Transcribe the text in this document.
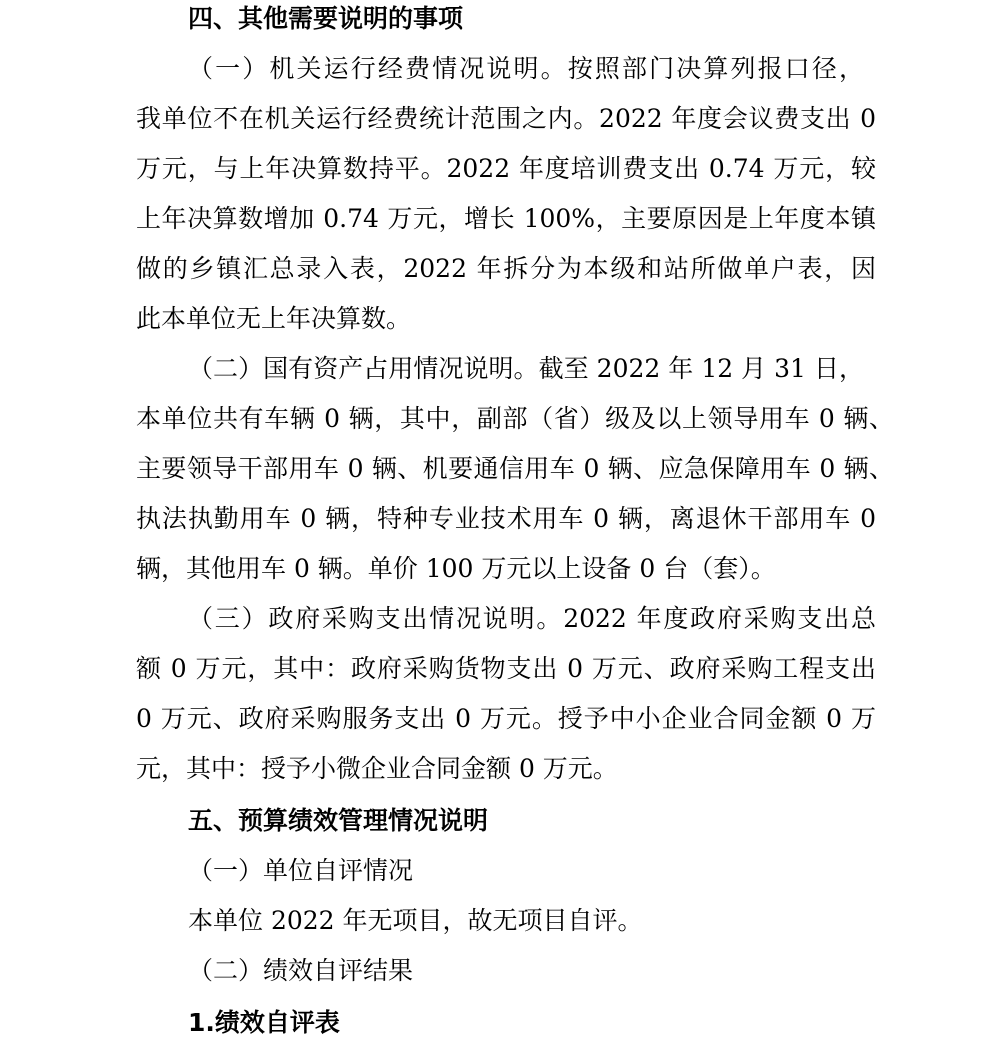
四、其他需要说明的事项
（一）机关运行经费情况说明。按照部门决算列报口径，
我单位不在机关运行经费统计范围之内。2022 年度会议费支出 0
万元，与上年决算数持平。2022 年度培训费支出 0.74 万元，较
上年决算数增加 0.74 万元，增长 100%，主要原因是上年度本镇
做的乡镇汇总录入表，2022 年拆分为本级和站所做单户表，因
此本单位无上年决算数。
（二）国有资产占用情况说明。截至 2022 年 12 月 31 日，
本单位共有车辆 0 辆，其中，副部（省）级及以上领导用车 0 辆、
主要领导干部用车 0 辆、机要通信用车 0 辆、应急保障用车 0 辆、
执法执勤用车 0 辆，特种专业技术用车 0 辆，离退休干部用车 0
辆，其他用车 0 辆。单价 100 万元以上设备 0 台（套）。
（三）政府采购支出情况说明。2022 年度政府采购支出总
额 0 万元，其中：政府采购货物支出 0 万元、政府采购工程支出
0 万元、政府采购服务支出 0 万元。授予中小企业合同金额 0 万
元，其中：授予小微企业合同金额 0 万元。
五、预算绩效管理情况说明
（一）单位自评情况
本单位 2022 年无项目，故无项目自评。
（二）绩效自评结果
1.绩效自评表
